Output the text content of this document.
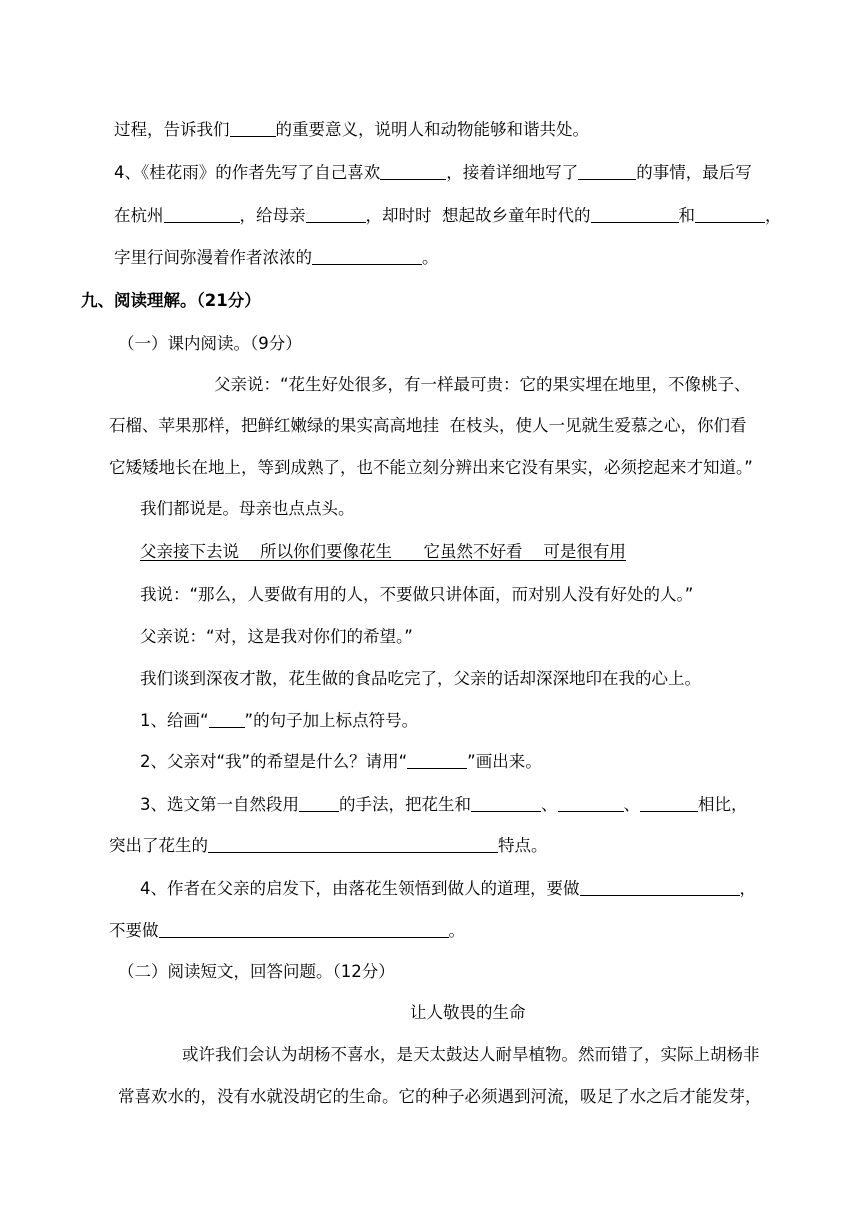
过程，告诉我们	的重要意义，说明人和动物能够和谐共处。
4、《桂花雨》的作者先写了自己喜欢	，接着详细地写了	的事情，最后写
在杭州	，给母亲	，却时时  想起故乡童年时代的	和	，
字里行间弥漫着作者浓浓的	。
九、阅读理解。（21分）
（一）课内阅读。（9分）
父亲说：“花生好处很多，有一样最可贵：它的果实埋在地里，不像桃子、
石榴、苹果那样，把鲜红嫩绿的果实高高地挂  在枝头，使人一见就生爱慕之心，你们看
它矮矮地长在地上，等到成熟了，也不能立刻分辨出来它没有果实，必须挖起来才知道。”
我们都说是。母亲也点点头。
父亲接下去说    所以你们要像花生      它虽然不好看    可是很有用
我说：“那么，人要做有用的人，不要做只讲体面，而对别人没有好处的人。”
父亲说：“对，这是我对你们的希望。”
我们谈到深夜才散，花生做的食品吃完了，父亲的话却深深地印在我的心上。
1、给画“ ”的句子加上标点符号。
2、父亲对“我”的希望是什么？请用“	”画出来。
3、选文第一自然段用 的手法，把花生和	、	、	相比，
突出了花生的	特点。
4、作者在父亲的启发下，由落花生领悟到做人的道理，要做	，
不要做	。
（二）阅读短文，回答问题。（12分）
让人敬畏的生命
或许我们会认为胡杨不喜水，是天太鼓达人耐旱植物。然而错了，实际上胡杨非
常喜欢水的，没有水就没胡它的生命。它的种子必须遇到河流，吸足了水之后才能发芽，
